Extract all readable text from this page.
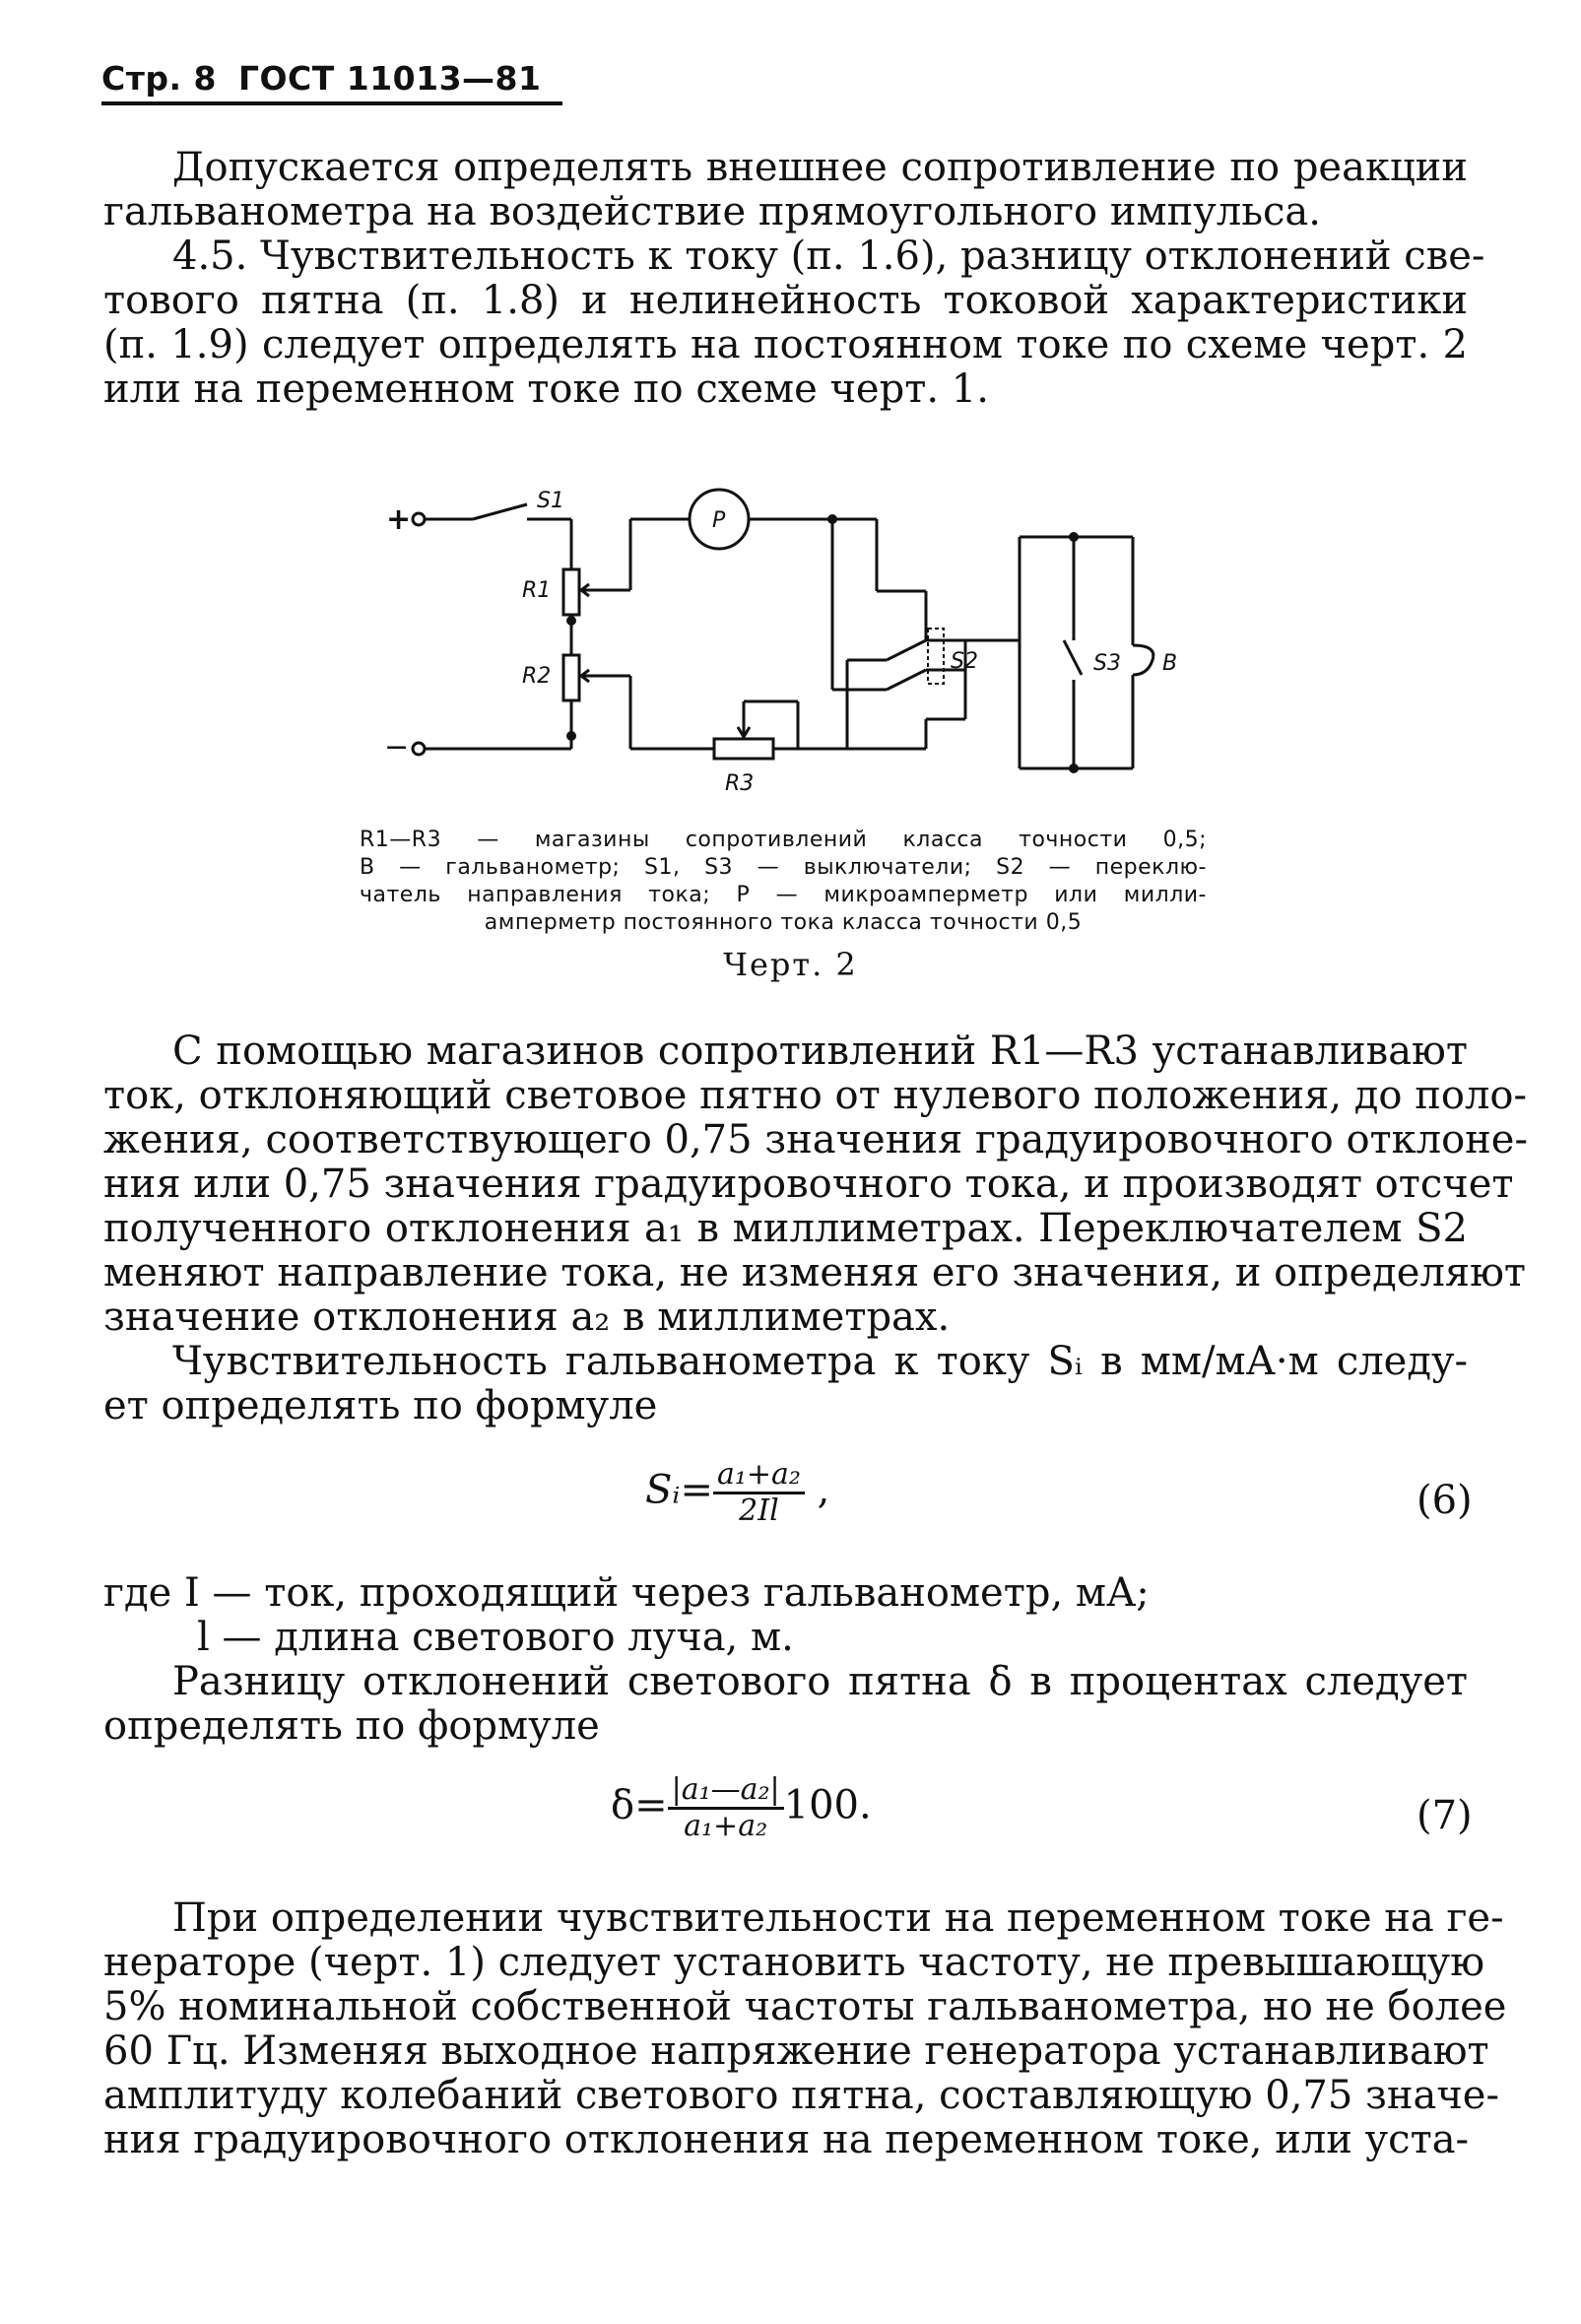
Стр. 8 ГОСТ 11013—81
Допускается определять внешнее сопротивление по реакции
гальванометра на воздействие прямоугольного импульса.
4.5. Чувствительность к току (п. 1.6), разницу отклонений све-
тового пятна (п. 1.8) и нелинейность токовой характеристики
(п. 1.9) следует определять на постоянном токе по схеме черт. 2
или на переменном токе по схеме черт. 1.
+
S1
R1
P
R2
−
R3
S2	S3 B
R1—R3 — магазины сопротивлений класса точности 0,5;
B — гальванометр; S1, S3 — выключатели; S2 — переклю-
чатель направления тока; P — микроамперметр или милли-
амперметр постоянного тока класса точности 0,5
Черт. 2
С помощью магазинов сопротивлений R1—R3 устанавливают
ток, отклоняющий световое пятно от нулевого положения, до поло-
жения, соответствующего 0,75 значения градуировочного отклоне-
ния или 0,75 значения градуировочного тока, и производят отсчет
полученного отклонения a₁ в миллиметрах. Переключателем S2
меняют направление тока, не изменяя его значения, и определяют
значение отклонения a₂ в миллиметрах.
Чувствительность гальванометра к току Sᵢ в мм/мА·м следу-
ет определять по формуле
Sᵢ= $\frac{\text{a₁+a₂}}{2Il}$ ,	(6)
где I — ток, проходящий через гальванометр, мА;
l — длина светового луча, м.
Разницу отклонений светового пятна δ в процентах следует
определять по формуле
$\delta= \frac{\text{|a₁—a₂|}}{\text{a₁+a₂}} 100$.	(7)
При определении чувствительности на переменном токе на ге-
нераторе (черт. 1) следует установить частоту, не превышающую
5% номинальной собственной частоты гальванометра, но не более
60 Гц. Изменяя выходное напряжение генератора устанавливают
амплитуду колебаний светового пятна, составляющую 0,75 значе-
ния градуировочного отклонения на переменном токе, или уста-
